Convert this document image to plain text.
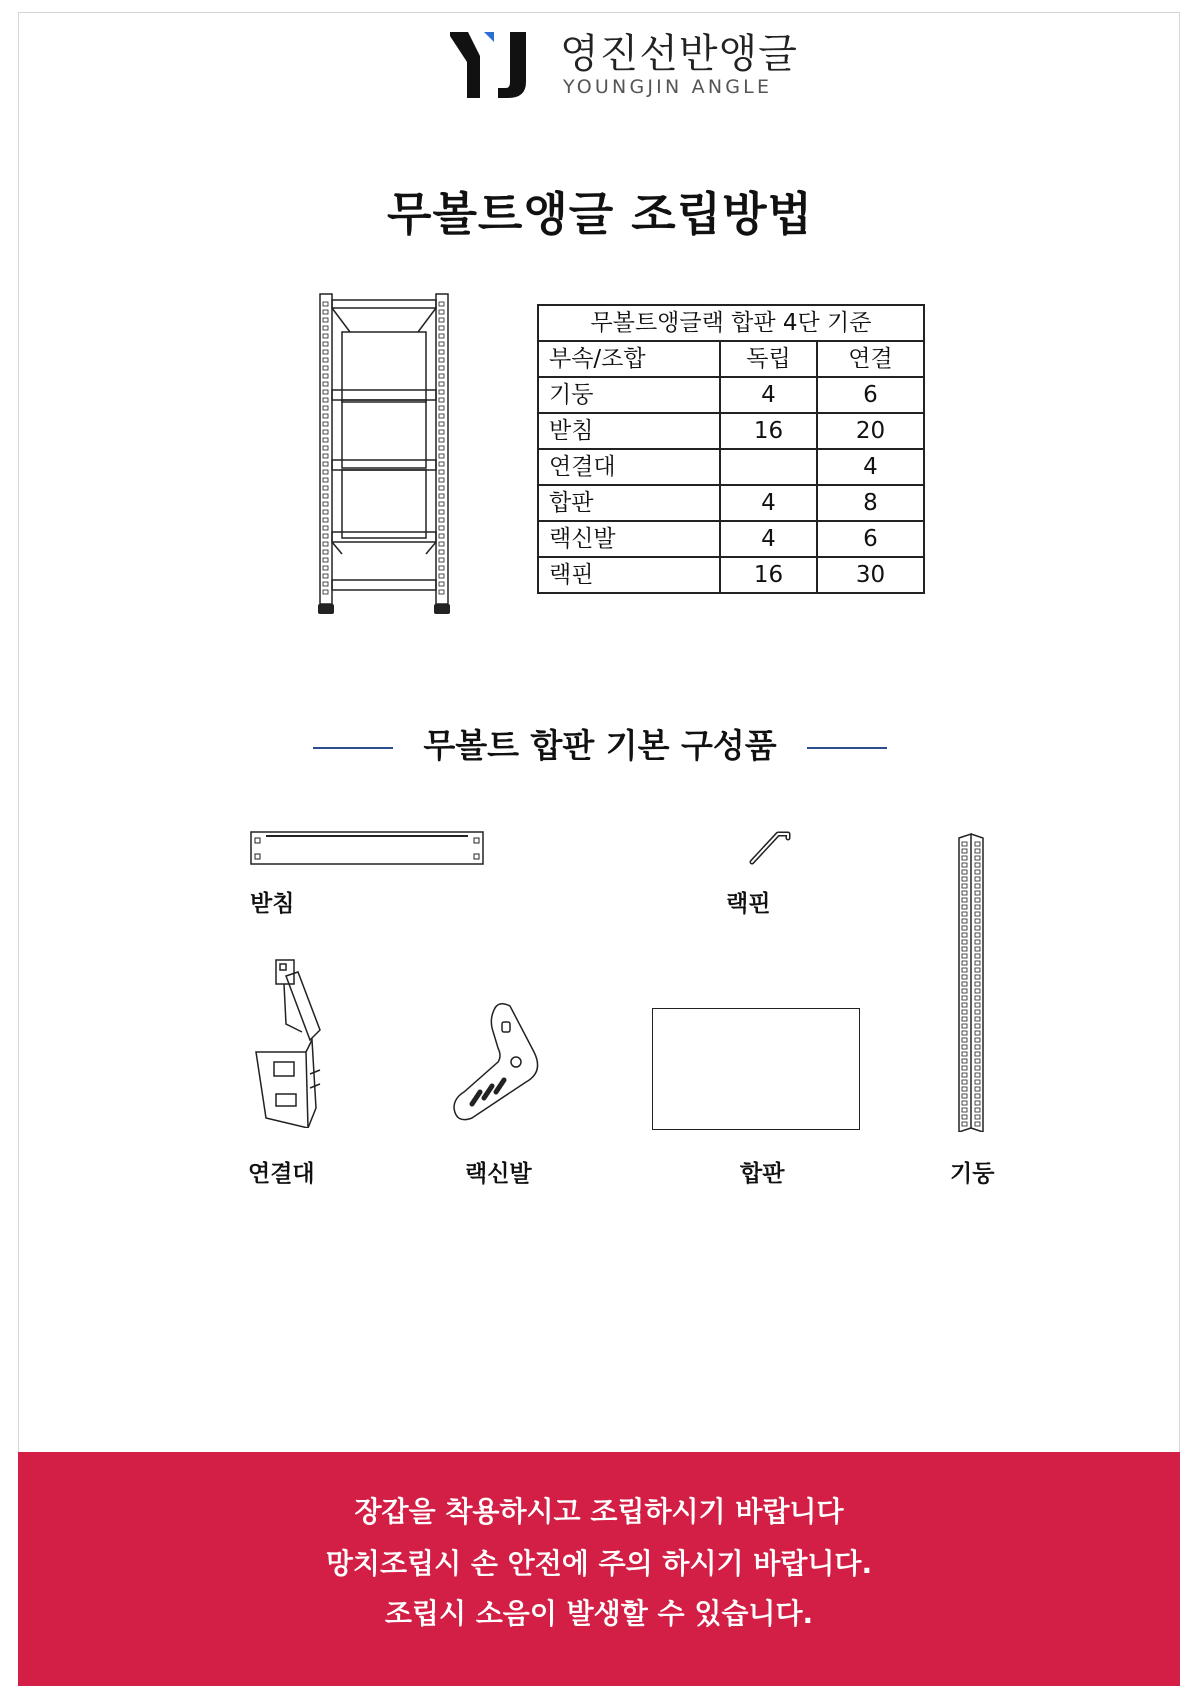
영진선반앵글
YOUNGJIN ANGLE
무볼트앵글 조립방법
무볼트앵글랙 합판 4단 기준		
부속/조합	독립	연결
기둥	4	6
받침	16	20
연결대		4
합판	4	8
랙신발	4	6
랙핀	16	30
무볼트 합판 기본 구성품
받침	랙핀
연결대	랙신발	합판	기둥
장갑을 착용하시고 조립하시기 바랍니다
망치조립시 손 안전에 주의 하시기 바랍니다.
조립시 소음이 발생할 수 있습니다.
